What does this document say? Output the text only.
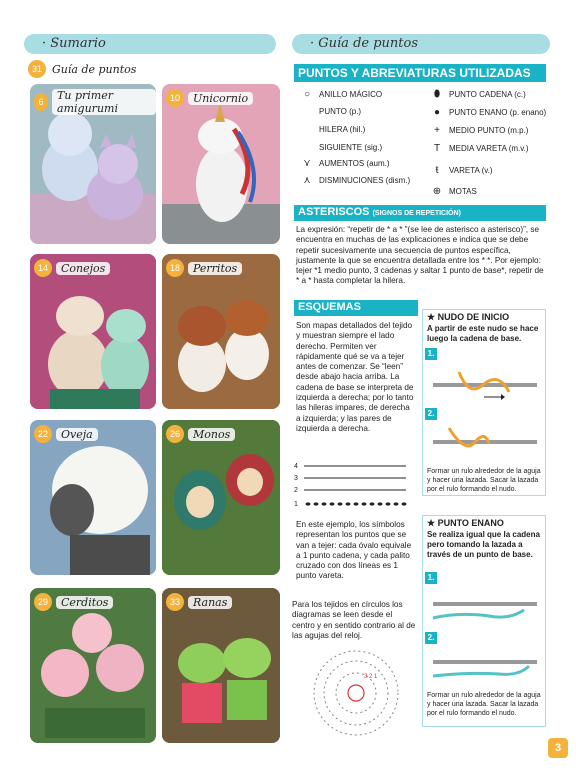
· Sumario
31 Guía de puntos
6	Tu primer amigurumi
10	Unicornio
14	Conejos	18	Perritos
22	Oveja	26	Monos
29	Cerditos	33	Ranas
· Guía de puntos
PUNTOS Y ABREVIATURAS UTILIZADAS
○	ANILLO MÁGICO
PUNTO (p.)
HILERA (hil.)
SIGUIENTE (sig.)
⋎	AUMENTOS (aum.)
⋏	DISMINUCIONES (dism.)
⬮	PUNTO CADENA (c.)
●	PUNTO ENANO (p. enano)
+	MEDIO PUNTO (m.p.)
T	MEDIA VARETA (m.v.)
ŧ	VARETA (v.)
⊕ MOTAS
ASTERISCOS (SIGNOS DE REPETICIÓN)
La expresión: “repetir de * a * ”(se lee de asterisco a asterisco)”, se encuentra en muchas de las explicaciones e indica que se debe repetir sucesivamente una secuencia de puntos específica, justamente la que se encuentra detallada entre los * *. Por ejemplo: tejer *1 medio punto, 3 cadenas y saltar 1 punto de base*, repetir de * a * hasta completar la hilera.
ESQUEMAS
Son mapas detallados del tejido y muestran siempre el lado derecho. Permiten ver rápidamente qué se va a tejer antes de comenzar. Se “leen” desde abajo hacia arriba. La cadena de base se interpreta de izquierda a derecha; por lo tanto las hileras impares, de derecha a izquierda; y las pares de izquierda a derecha.
4
3
2
1
En este ejemplo, los símbolos representan los puntos que se van a tejer: cada óvalo equivale a 1 punto cadena, y cada palito cruzado con dos líneas es 1 punto vareta.
Para los tejidos en círculos los diagramas se leen desde el centro y en sentido contrario al de las agujas del reloj.
3 2 1
★ NUDO DE INICIO
A partir de este nudo se hace luego la cadena de base.
1.
2.
Formar un rulo alrededor de la aguja y hacer una lazada. Sacar la lazada por el rulo formando el nudo.
★ PUNTO ENANO
Se realiza igual que la cadena pero tomando la lazada a través de un punto de base.
1.
2.
Formar un rulo alrededor de la aguja y hacer una lazada. Sacar la lazada por el rulo formando el nudo.
3
